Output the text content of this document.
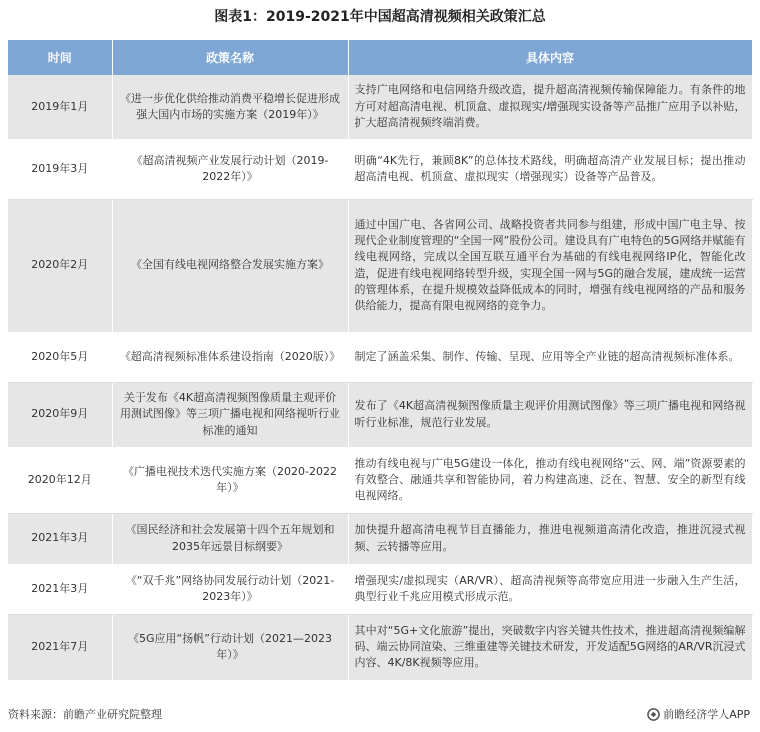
图表1：2019-2021年中国超高清视频相关政策汇总
时间	政策名称	具体内容
2019年1月	《进一步优化供给推动消费平稳增长促进形成强大国内市场的实施方案（2019年）》	支持广电网络和电信网络升级改造，提升超高清视频传输保障能力。有条件的地方可对超高清电视、机顶盒、虚拟现实/增强现实设备等产品推广应用予以补贴，扩大超高清视频终端消费。
2019年3月	《超高清视频产业发展行动计划（2019-2022年）》	明确“4K先行，兼顾8K”的总体技术路线，明确超高清产业发展目标；提出推动超高清电视、机顶盒、虚拟现实（增强现实）设备等产品普及。
2020年2月	《全国有线电视网络整合发展实施方案》	通过中国广电、各省网公司、战略投资者共同参与组建，形成中国广电主导、按现代企业制度管理的“全国一网”股份公司。建设具有广电特色的5G网络并赋能有线电视网络，完成以全国互联互通平台为基础的有线电视网络IP化，智能化改造，促进有线电视网络转型升级，实现全国一网与5G的融合发展，建成统一运营的管理体系，在提升规模效益降低成本的同时，增强有线电视网络的产品和服务供给能力，提高有限电视网络的竞争力。
2020年5月	《超高清视频标准体系建设指南（2020版）》	制定了涵盖采集、制作、传输、呈现、应用等全产业链的超高清视频标准体系。
2020年9月	关于发布《4K超高清视频图像质量主观评价用测试图像》等三项广播电视和网络视听行业标准的通知	发布了《4K超高清视频图像质量主观评价用测试图像》等三项广播电视和网络视听行业标准，规范行业发展。
2020年12月	《广播电视技术迭代实施方案（2020-2022年）》	推动有线电视与广电5G建设一体化，推动有线电视网络“云、网、端”资源要素的有效整合、融通共享和智能协同，着力构建高速、泛在、智慧、安全的新型有线电视网络。
2021年3月	《国民经济和社会发展第十四个五年规划和2035年远景目标纲要》	加快提升超高清电视节目直播能力，推进电视频道高清化改造，推进沉浸式视频、云转播等应用。
2021年3月	《“双千兆”网络协同发展行动计划（2021-2023年）》	增强现实/虚拟现实（AR/VR）、超高清视频等高带宽应用进一步融入生产生活，典型行业千兆应用模式形成示范。
2021年7月	《5G应用“扬帆”行动计划（2021—2023年）》	其中对“5G+文化旅游”提出，突破数字内容关键共性技术，推进超高清视频编解码、端云协同渲染、三维重建等关键技术研发，开发适配5G网络的AR/VR沉浸式内容、4K/8K视频等应用。
资料来源：前瞻产业研究院整理	前瞻经济学人APP
